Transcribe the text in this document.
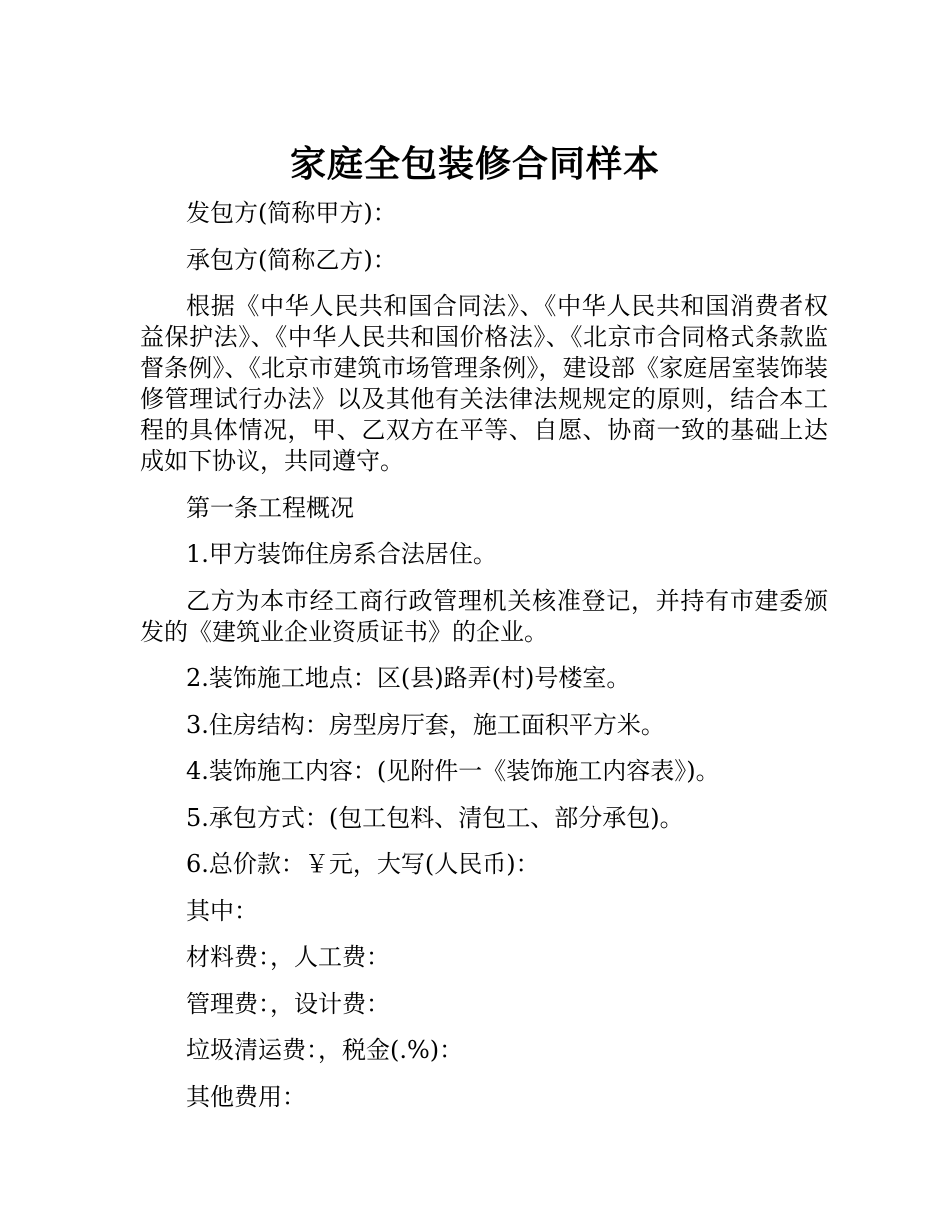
家庭全包装修合同样本

发包方(简称甲方)：

承包方(简称乙方)：

根据《中华人民共和国合同法》、《中华人民共和国消费者权益保护法》、《中华人民共和国价格法》、《北京市合同格式条款监督条例》、《北京市建筑市场管理条例》，建设部《家庭居室装饰装修管理试行办法》以及其他有关法律法规规定的原则，结合本工程的具体情况，甲、乙双方在平等、自愿、协商一致的基础上达成如下协议，共同遵守。

第一条工程概况

1.甲方装饰住房系合法居住。

乙方为本市经工商行政管理机关核准登记，并持有市建委颁发的《建筑业企业资质证书》的企业。

2.装饰施工地点：区(县)路弄(村)号楼室。

3.住房结构：房型房厅套，施工面积平方米。

4.装饰施工内容：(见附件一《装饰施工内容表》)。

5.承包方式：(包工包料、清包工、部分承包)。

6.总价款：￥元，大写(人民币)：

其中：

材料费：，人工费：

管理费：，设计费：

垃圾清运费：，税金(.%)：

其他费用：
